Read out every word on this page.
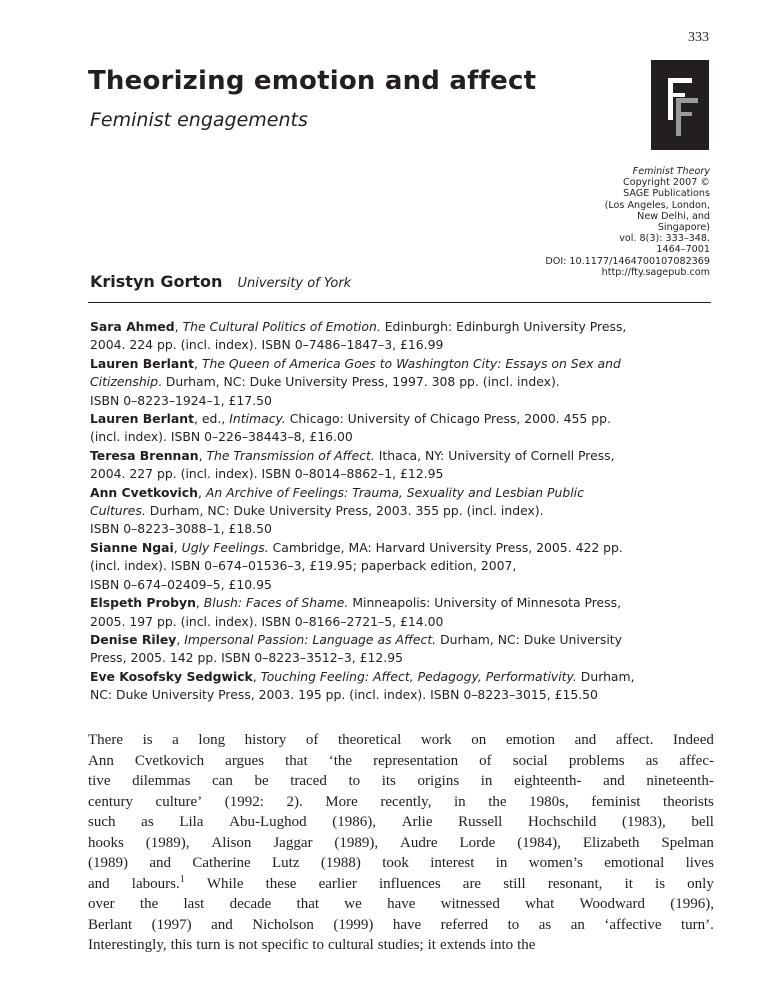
333
Theorizing emotion and affect
Feminist engagements
Feminist Theory
Copyright 2007 ©
SAGE Publications
(Los Angeles, London,
New Delhi, and
Singapore)
vol. 8(3): 333–348.
1464–7001
DOI: 10.1177/1464700107082369
http://fty.sagepub.com
Kristyn Gorton University of York
Sara Ahmed, The Cultural Politics of Emotion. Edinburgh: Edinburgh University Press,
2004. 224 pp. (incl. index). ISBN 0–7486–1847–3, £16.99
Lauren Berlant, The Queen of America Goes to Washington City: Essays on Sex and
Citizenship. Durham, NC: Duke University Press, 1997. 308 pp. (incl. index).
ISBN 0–8223–1924–1, £17.50
Lauren Berlant, ed., Intimacy. Chicago: University of Chicago Press, 2000. 455 pp.
(incl. index). ISBN 0–226–38443–8, £16.00
Teresa Brennan, The Transmission of Affect. Ithaca, NY: University of Cornell Press,
2004. 227 pp. (incl. index). ISBN 0–8014–8862–1, £12.95
Ann Cvetkovich, An Archive of Feelings: Trauma, Sexuality and Lesbian Public
Cultures. Durham, NC: Duke University Press, 2003. 355 pp. (incl. index).
ISBN 0–8223–3088–1, £18.50
Sianne Ngai, Ugly Feelings. Cambridge, MA: Harvard University Press, 2005. 422 pp.
(incl. index). ISBN 0–674–01536–3, £19.95; paperback edition, 2007,
ISBN 0–674–02409–5, £10.95
Elspeth Probyn, Blush: Faces of Shame. Minneapolis: University of Minnesota Press,
2005. 197 pp. (incl. index). ISBN 0–8166–2721–5, £14.00
Denise Riley, Impersonal Passion: Language as Affect. Durham, NC: Duke University
Press, 2005. 142 pp. ISBN 0–8223–3512–3, £12.95
Eve Kosofsky Sedgwick, Touching Feeling: Affect, Pedagogy, Performativity. Durham,
NC: Duke University Press, 2003. 195 pp. (incl. index). ISBN 0–8223–3015, £15.50
There is a long history of theoretical work on emotion and affect. Indeed
Ann Cvetkovich argues that ‘the representation of social problems as affec-
tive dilemmas can be traced to its origins in eighteenth- and nineteenth-
century culture’ (1992: 2). More recently, in the 1980s, feminist theorists
such as Lila Abu-Lughod (1986), Arlie Russell Hochschild (1983), bell
hooks (1989), Alison Jaggar (1989), Audre Lorde (1984), Elizabeth Spelman
(1989) and Catherine Lutz (1988) took interest in women’s emotional lives
and labours.$^1$ While these earlier influences are still resonant, it is only
over the last decade that we have witnessed what Woodward (1996),
Berlant (1997) and Nicholson (1999) have referred to as an ‘affective turn’.
Interestingly, this turn is not specific to cultural studies; it extends into the
